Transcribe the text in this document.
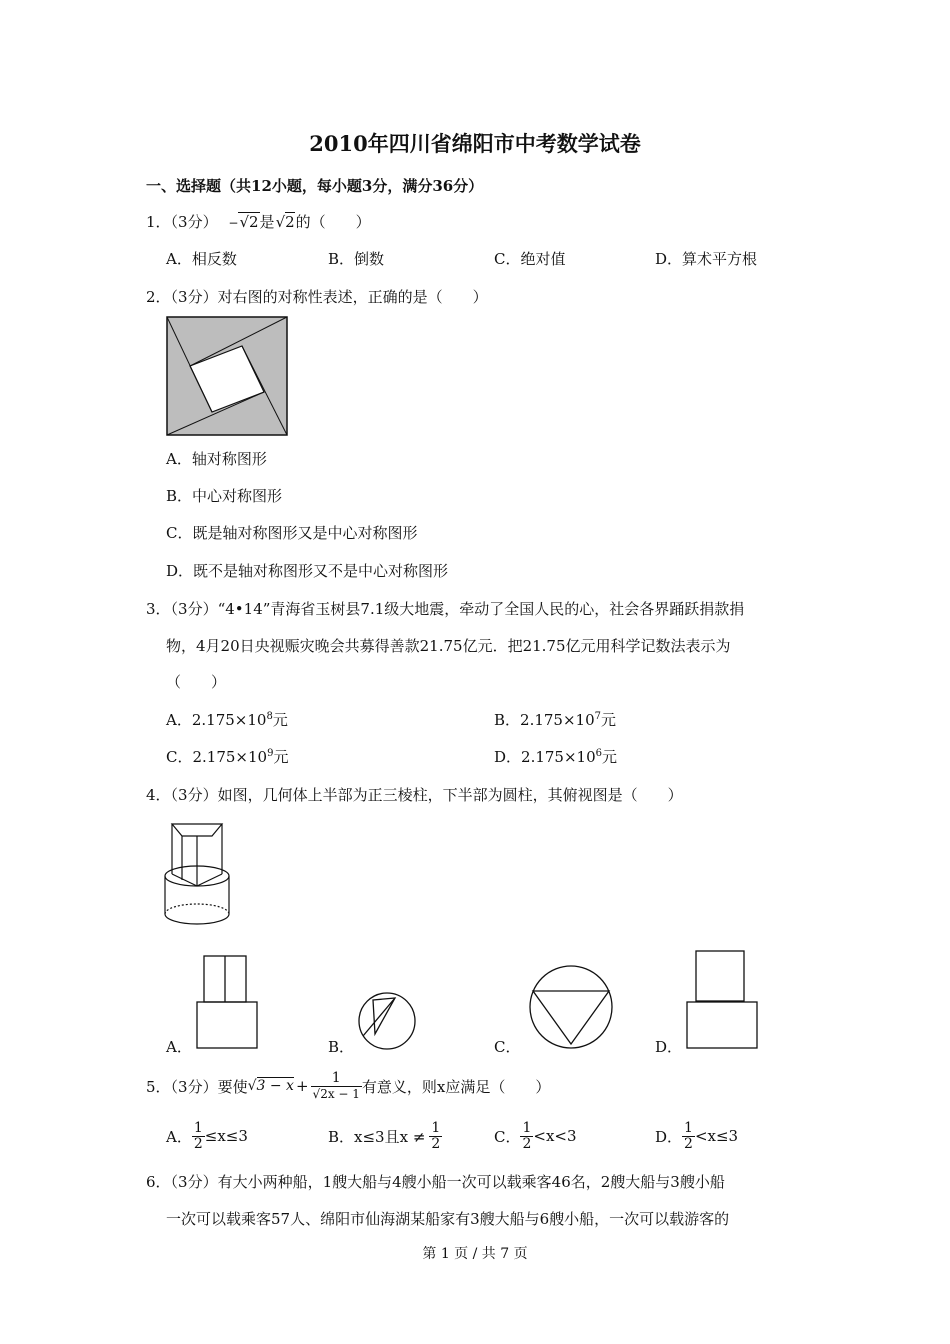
2010年四川省绵阳市中考数学试卷
一、选择题（共12小题，每小题3分，满分36分）
1．（3分） −√2是√2的（　　）
A．相反数	B．倒数	C．绝对值	D．算术平方根
2．（3分）对右图的对称性表述，正确的是（　　）
A．轴对称图形
B．中心对称图形
C．既是轴对称图形又是中心对称图形
D．既不是轴对称图形又不是中心对称图形
3．（3分）“4•14”青海省玉树县7.1级大地震，牵动了全国人民的心，社会各界踊跃捐款捐
物，4月20日央视赈灾晚会共募得善款21.75亿元．把21.75亿元用科学记数法表示为
（　　）
A．$2.175\times 10^8$元	B．$2.175\times 10^7$元
C．$2.175\times 10^9$元	D．$2.175\times 10^6$元
4．（3分）如图，几何体上半部为正三棱柱，下半部为圆柱，其俯视图是（　　）
A．	B．	C．	D．
5．（3分）要使 $√3 - x + \frac{1}{√2x - 1}$ 有意义，则x应满足（　　）
A． $\frac{1}{2} \le x\le 3$	B． x≤3且$x \ne \frac{1}{2}$	C． $\frac{1}{2} <x<3$	D． $\frac{1}{2} <x\le 3$
6．（3分）有大小两种船，1艘大船与4艘小船一次可以载乘客46名，2艘大船与3艘小船
一次可以载乘客57人、绵阳市仙海湖某船家有3艘大船与6艘小船，一次可以载游客的
第 1 页 / 共 7 页
